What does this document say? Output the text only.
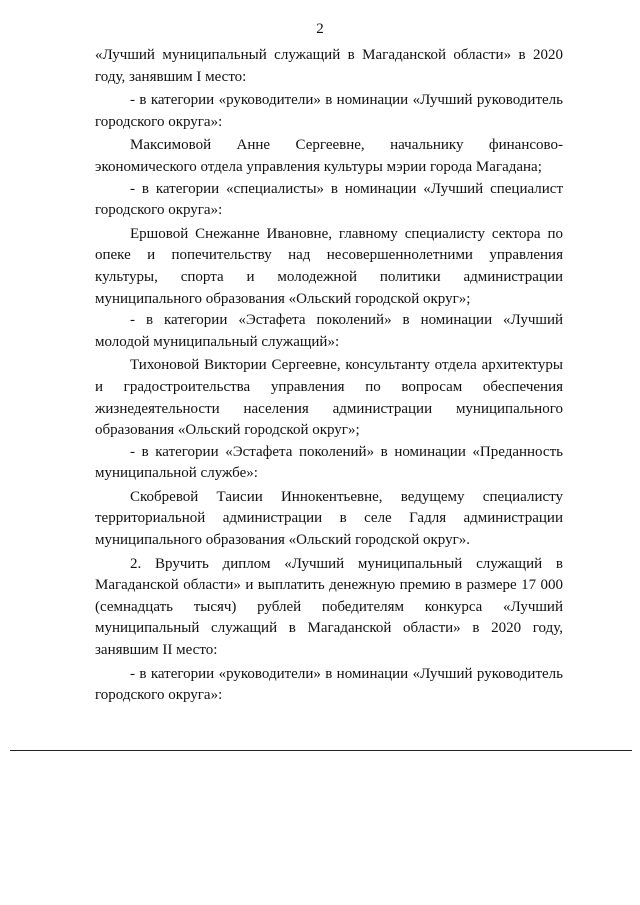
2

«Лучший муниципальный служащий в Магаданской области» в 2020 году, занявшим I место:

- в категории «руководители» в номинации «Лучший руководитель городского округа»:

Максимовой Анне Сергеевне, начальнику финансово-экономического отдела управления культуры мэрии города Магадана;

- в категории «специалисты» в номинации «Лучший специалист городского округа»:

Ершовой Снежанне Ивановне, главному специалисту сектора по опеке и попечительству над несовершеннолетними управления культуры, спорта и молодежной политики администрации муниципального образования «Ольский городской округ»;

- в категории «Эстафета поколений» в номинации «Лучший молодой муниципальный служащий»:

Тихоновой Виктории Сергеевне, консультанту отдела архитектуры и градостроительства управления по вопросам обеспечения жизнедеятельности населения администрации муниципального образования «Ольский городской округ»;

- в категории «Эстафета поколений» в номинации «Преданность муниципальной службе»:

Скобревой Таисии Иннокентьевне, ведущему специалисту территориальной администрации в селе Гадля администрации муниципального образования «Ольский городской округ».

2. Вручить диплом «Лучший муниципальный служащий в Магаданской области» и выплатить денежную премию в размере 17 000 (семнадцать тысяч) рублей победителям конкурса «Лучший муниципальный служащий в Магаданской области» в 2020 году, занявшим II место:

- в категории «руководители» в номинации «Лучший руководитель городского округа»:
